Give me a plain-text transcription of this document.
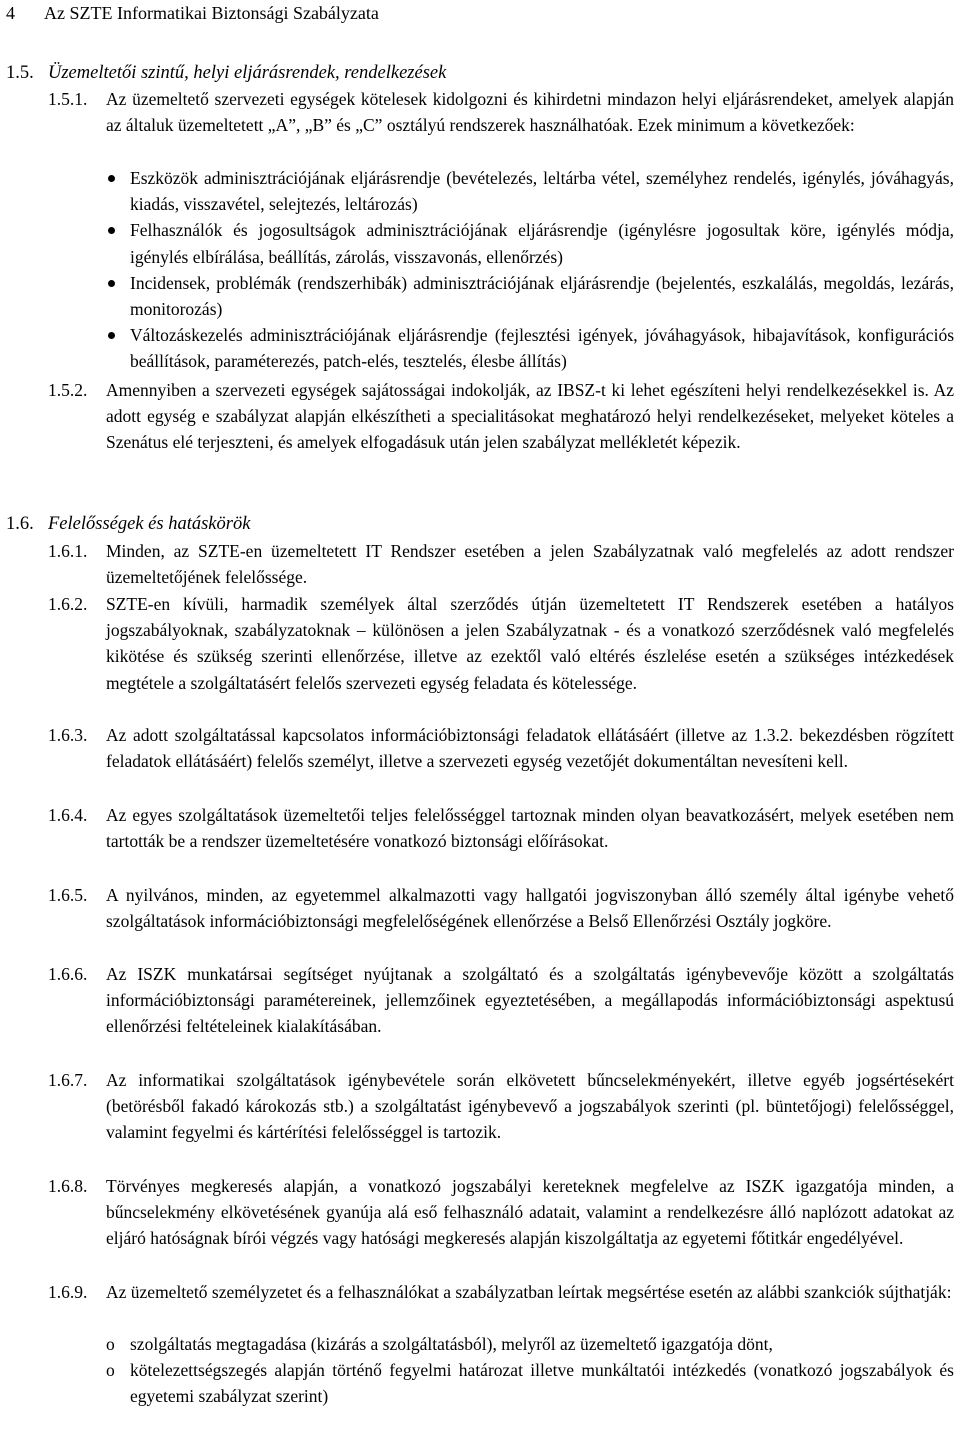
4 Az SZTE Informatikai Biztonsági Szabályzata
1.5. Üzemeltetői szintű, helyi eljárásrendek, rendelkezések
1.5.1. Az üzemeltető szervezeti egységek kötelesek kidolgozni és kihirdetni mindazon helyi eljárásrendeket, amelyek alapján az általuk üzemeltetett „A”, „B” és „C” osztályú rendszerek használhatóak. Ezek minimum a következőek:
Eszközök adminisztrációjának eljárásrendje (bevételezés, leltárba vétel, személyhez rendelés, igénylés, jóváhagyás, kiadás, visszavétel, selejtezés, leltározás)
Felhasználók és jogosultságok adminisztrációjának eljárásrendje (igénylésre jogosultak köre, igénylés módja, igénylés elbírálása, beállítás, zárolás, visszavonás, ellenőrzés)
Incidensek, problémák (rendszerhibák) adminisztrációjának eljárásrendje (bejelentés, eszkalálás, megoldás, lezárás, monitorozás)
Változáskezelés adminisztrációjának eljárásrendje (fejlesztési igények, jóváhagyások, hibajavítások, konfigurációs beállítások, paraméterezés, patch-elés, tesztelés, élesbe állítás)
1.5.2. Amennyiben a szervezeti egységek sajátosságai indokolják, az IBSZ-t ki lehet egészíteni helyi rendelkezésekkel is. Az adott egység e szabályzat alapján elkészítheti a specialitásokat meghatározó helyi rendelkezéseket, melyeket köteles a Szenátus elé terjeszteni, és amelyek elfogadásuk után jelen szabályzat mellékletét képezik.
1.6. Felelősségek és hatáskörök
1.6.1. Minden, az SZTE-en üzemeltetett IT Rendszer esetében a jelen Szabályzatnak való megfelelés az adott rendszer üzemeltetőjének felelőssége.
1.6.2. SZTE-en kívüli, harmadik személyek által szerződés útján üzemeltetett IT Rendszerek esetében a hatályos jogszabályoknak, szabályzatoknak – különösen a jelen Szabályzatnak - és a vonatkozó szerződésnek való megfelelés kikötése és szükség szerinti ellenőrzése, illetve az ezektől való eltérés észlelése esetén a szükséges intézkedések megtétele a szolgáltatásért felelős szervezeti egység feladata és kötelessége.
1.6.3. Az adott szolgáltatással kapcsolatos információbiztonsági feladatok ellátásáért (illetve az 1.3.2. bekezdésben rögzített feladatok ellátásáért) felelős személyt, illetve a szervezeti egység vezetőjét dokumentáltan nevesíteni kell.
1.6.4. Az egyes szolgáltatások üzemeltetői teljes felelősséggel tartoznak minden olyan beavatkozásért, melyek esetében nem tartották be a rendszer üzemeltetésére vonatkozó biztonsági előírásokat.
1.6.5. A nyilvános, minden, az egyetemmel alkalmazotti vagy hallgatói jogviszonyban álló személy által igénybe vehető szolgáltatások információbiztonsági megfelelőségének ellenőrzése a Belső Ellenőrzési Osztály jogköre.
1.6.6. Az ISZK munkatársai segítséget nyújtanak a szolgáltató és a szolgáltatás igénybevevője között a szolgáltatás információbiztonsági paramétereinek, jellemzőinek egyeztetésében, a megállapodás információbiztonsági aspektusú ellenőrzési feltételeinek kialakításában.
1.6.7. Az informatikai szolgáltatások igénybevétele során elkövetett bűncselekményekért, illetve egyéb jogsértésekért (betörésből fakadó károkozás stb.) a szolgáltatást igénybevevő a jogszabályok szerinti (pl. büntetőjogi) felelősséggel, valamint fegyelmi és kártérítési felelősséggel is tartozik.
1.6.8. Törvényes megkeresés alapján, a vonatkozó jogszabályi kereteknek megfelelve az ISZK igazgatója minden, a bűncselekmény elkövetésének gyanúja alá eső felhasználó adatait, valamint a rendelkezésre álló naplózott adatokat az eljáró hatóságnak bírói végzés vagy hatósági megkeresés alapján kiszolgáltatja az egyetemi főtitkár engedélyével.
1.6.9. Az üzemeltető személyzetet és a felhasználókat a szabályzatban leírtak megsértése esetén az alábbi szankciók sújthatják:
o szolgáltatás megtagadása (kizárás a szolgáltatásból), melyről az üzemeltető igazgatója dönt,
o kötelezettségszegés alapján történő fegyelmi határozat illetve munkáltatói intézkedés (vonatkozó jogszabályok és egyetemi szabályzat szerint)
